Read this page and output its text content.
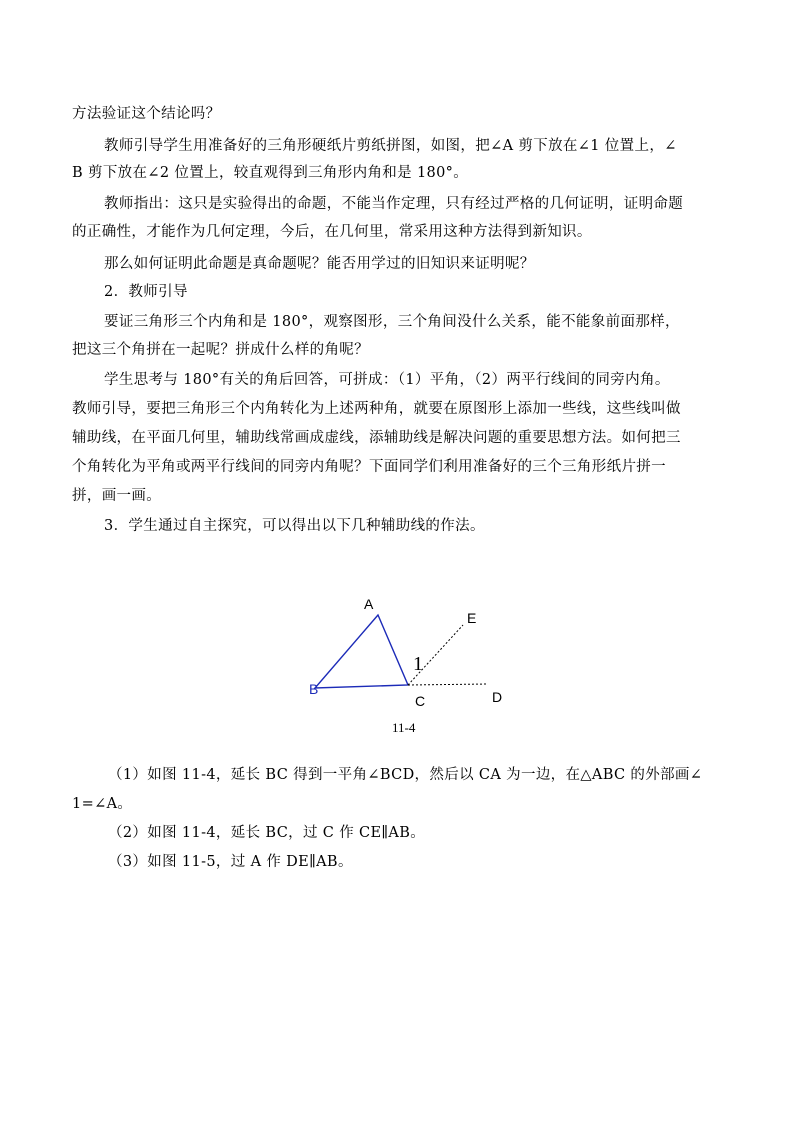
方法验证这个结论吗？
教师引导学生用准备好的三角形硬纸片剪纸拼图，如图，把∠A 剪下放在∠1 位置上，∠
B 剪下放在∠2 位置上，较直观得到三角形内角和是 180°。
教师指出：这只是实验得出的命题，不能当作定理，只有经过严格的几何证明，证明命题
的正确性，才能作为几何定理，今后，在几何里，常采用这种方法得到新知识。
那么如何证明此命题是真命题呢？能否用学过的旧知识来证明呢？
2．教师引导
要证三角形三个内角和是 180°，观察图形，三个角间没什么关系，能不能象前面那样，
把这三个角拼在一起呢？拼成什么样的角呢？
学生思考与 180°有关的角后回答，可拼成：（1）平角，（2）两平行线间的同旁内角。
教师引导，要把三角形三个内角转化为上述两种角，就要在原图形上添加一些线，这些线叫做
辅助线，在平面几何里，辅助线常画成虚线，添辅助线是解决问题的重要思想方法。如何把三
个角转化为平角或两平行线间的同旁内角呢？下面同学们利用准备好的三个三角形纸片拼一
拼，画一画。
3．学生通过自主探究，可以得出以下几种辅助线的作法。
（1）如图 11-4，延长 BC 得到一平角∠BCD，然后以 CA 为一边，在△ABC 的外部画∠
1=∠A。
（2）如图 11-4，延长 BC，过 C 作 CE∥AB。
（3）如图 11-5，过 A 作 DE∥AB。
A
B
C	D
E
1
11-4
